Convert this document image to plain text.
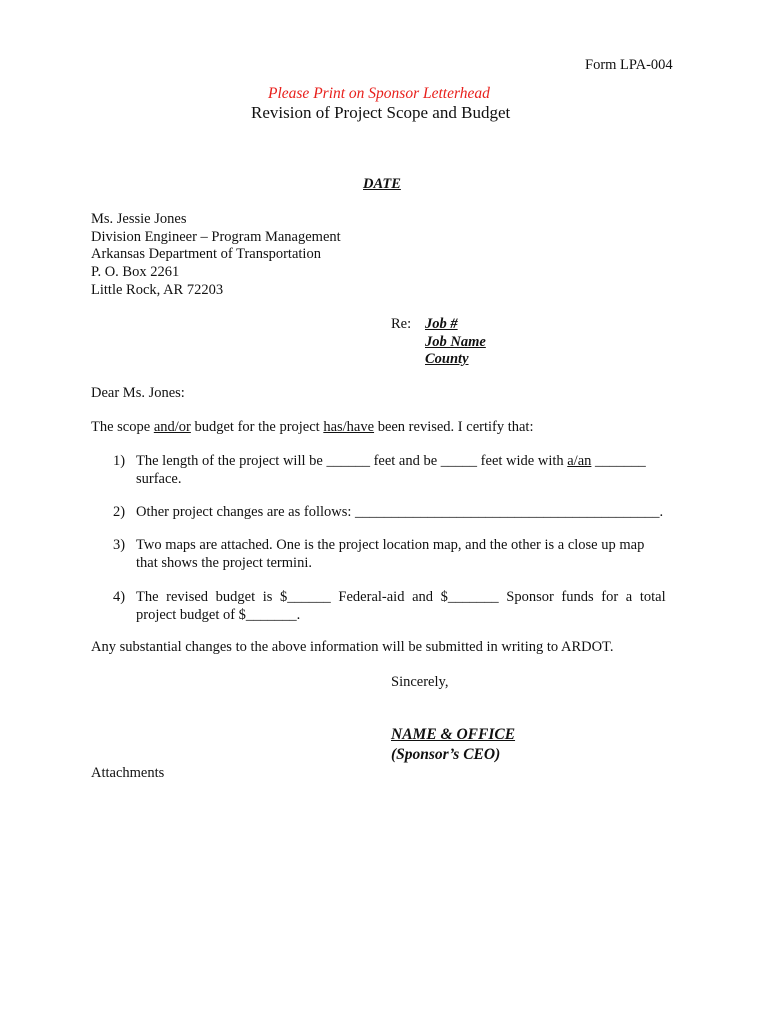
Form LPA-004
Please Print on Sponsor Letterhead
Revision of Project Scope and Budget
DATE
Ms. Jessie Jones
Division Engineer – Program Management
Arkansas Department of Transportation
P. O. Box 2261
Little Rock, AR 72203
Re: Job #
Job Name
County
Dear Ms. Jones:
The scope and/or budget for the project has/have been revised. I certify that:
1) The length of the project will be ______ feet and be _____ feet wide with a/an _______
surface.
2) Other project changes are as follows: __________________________________________.
3) Two maps are attached. One is the project location map, and the other is a close up map
that shows the project termini.
4) The revised budget is $______ Federal-aid and $_______ Sponsor funds for a total
project budget of $_______.
Any substantial changes to the above information will be submitted in writing to ARDOT.
Sincerely,
NAME & OFFICE
(Sponsor’s CEO)
Attachments
